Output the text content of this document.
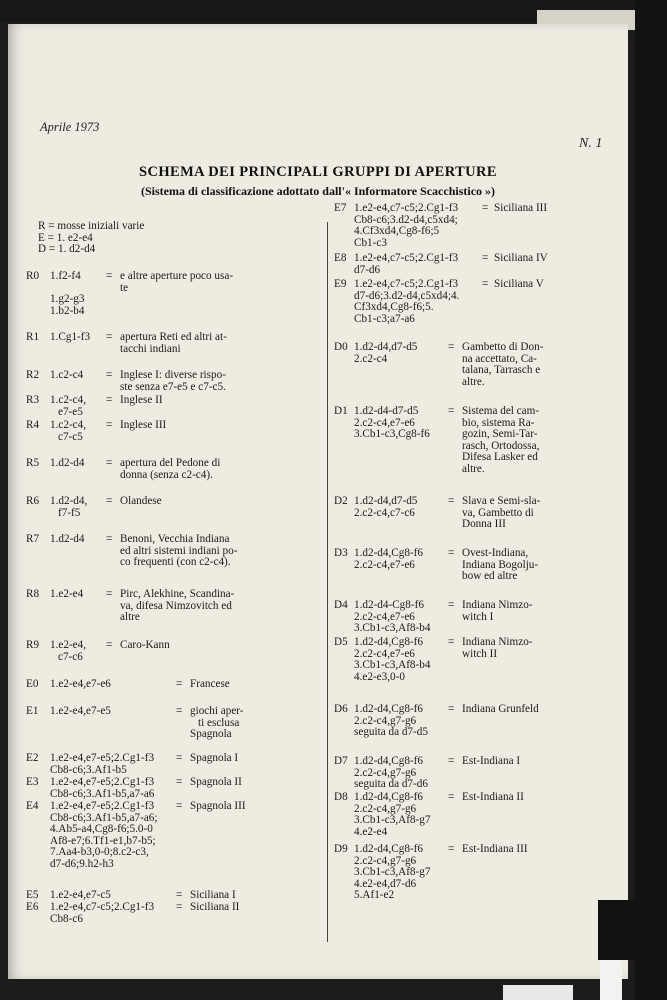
Aprile 1973
N. 1
SCHEMA DEI PRINCIPALI GRUPPI DI APERTURE
(Sistema di classificazione adottato dall'« Informatore Scacchistico »)
R = mosse iniziali varie
E = 1. e2-e4
D = 1. d2-d4
R0 1.f2-f4

1.g2-g3
1.b2-b4
= e altre aperture poco usa-
te
R1 1.Cg1-f3 = apertura Reti ed altri at-
tacchi indiani
R2 1.c2-c4 = Inglese I: diverse rispo-
ste senza e7-e5 e c7-c5.
R3 1.c2-c4,
e7-e5
= Inglese II
R4 1.c2-c4,
c7-c5
= Inglese III
R5 1.d2-d4 = apertura del Pedone di
donna (senza c2-c4).
R6 1.d2-d4,
f7-f5
= Olandese
R7 1.d2-d4 = Benoni, Vecchia Indiana
ed altri sistemi indiani po-
co frequenti (con c2-c4).
R8 1.e2-e4 = Pirc, Alekhine, Scandina-
va, difesa Nimzovitch ed
altre
R9 1.e2-e4,
c7-c6
= Caro-Kann
E0 1.e2-e4,e7-e6	= Francese
E1 1.e2-e4,e7-e5	= giochi aper-
ti esclusa
Spagnola
E2 1.e2-e4,e7-e5;2.Cg1-f3
Cb8-c6;3.Af1-b5
= Spagnola I
E3 1.e2-e4,e7-e5;2.Cg1-f3
Cb8-c6;3.Af1-b5,a7-a6
= Spagnola II
E4 1.e2-e4,e7-e5;2.Cg1-f3
Cb8-c6;3.Af1-b5,a7-a6;
4.Ab5-a4,Cg8-f6;5.0-0
Af8-e7;6.Tf1-e1,b7-b5;
7.Aa4-b3,0-0;8.c2-c3,
d7-d6;9.h2-h3
= Spagnola III
E5 1.e2-e4,e7-c5	= Siciliana I
E6 1.e2-e4,c7-c5;2.Cg1-f3
Cb8-c6
= Siciliana II
E7 1.e2-e4,c7-c5;2.Cg1-f3
Cb8-c6;3.d2-d4,c5xd4;
4.Cf3xd4,Cg8-f6;5
Cb1-c3
= Siciliana III
E8 1.e2-e4,c7-c5;2.Cg1-f3
d7-d6
= Siciliana IV
E9 1.e2-e4,c7-c5;2.Cg1-f3
d7-d6;3.d2-d4,c5xd4;4.
Cf3xd4,Cg8-f6;5.
Cb1-c3;a7-a6
= Siciliana V
D0 1.d2-d4,d7-d5
2.c2-c4
= Gambetto di Don-
na accettato, Ca-
talana, Tarrasch e
altre.
D1 1.d2-d4-d7-d5
2.c2-c4,e7-e6
3.Cb1-c3,Cg8-f6
= Sistema del cam-
bio, sistema Ra-
gozin, Semi-Tar-
rasch, Ortodossa,
Difesa Lasker ed
altre.
D2 1.d2-d4,d7-d5
2.c2-c4,c7-c6
= Slava e Semi-sla-
va, Gambetto di
Donna III
D3 1.d2-d4,Cg8-f6
2.c2-c4,e7-e6
= Ovest-Indiana,
Indiana Bogolju-
bow ed altre
D4 1.d2-d4-Cg8-f6
2.c2-c4,e7-e6
3.Cb1-c3,Af8-b4
= Indiana Nimzo-
witch I
D5 1.d2-d4,Cg8-f6
2.c2-c4,e7-e6
3.Cb1-c3,Af8-b4
4.e2-e3,0-0
= Indiana Nimzo-
witch II
D6 1.d2-d4,Cg8-f6
2.c2-c4,g7-g6
seguita da d7-d5
= Indiana Grunfeld
D7 1.d2-d4,Cg8-f6
2.c2-c4,g7-g6
seguita da d7-d6
= Est-Indiana I
D8 1.d2-d4,Cg8-f6
2.c2-c4,g7-g6
3.Cb1-c3,Af8-g7
4.e2-e4
= Est-Indiana II
D9 1.d2-d4,Cg8-f6
2.c2-c4,g7-g6
3.Cb1-c3,Af8-g7
4.e2-e4,d7-d6
5.Af1-e2
= Est-Indiana III
